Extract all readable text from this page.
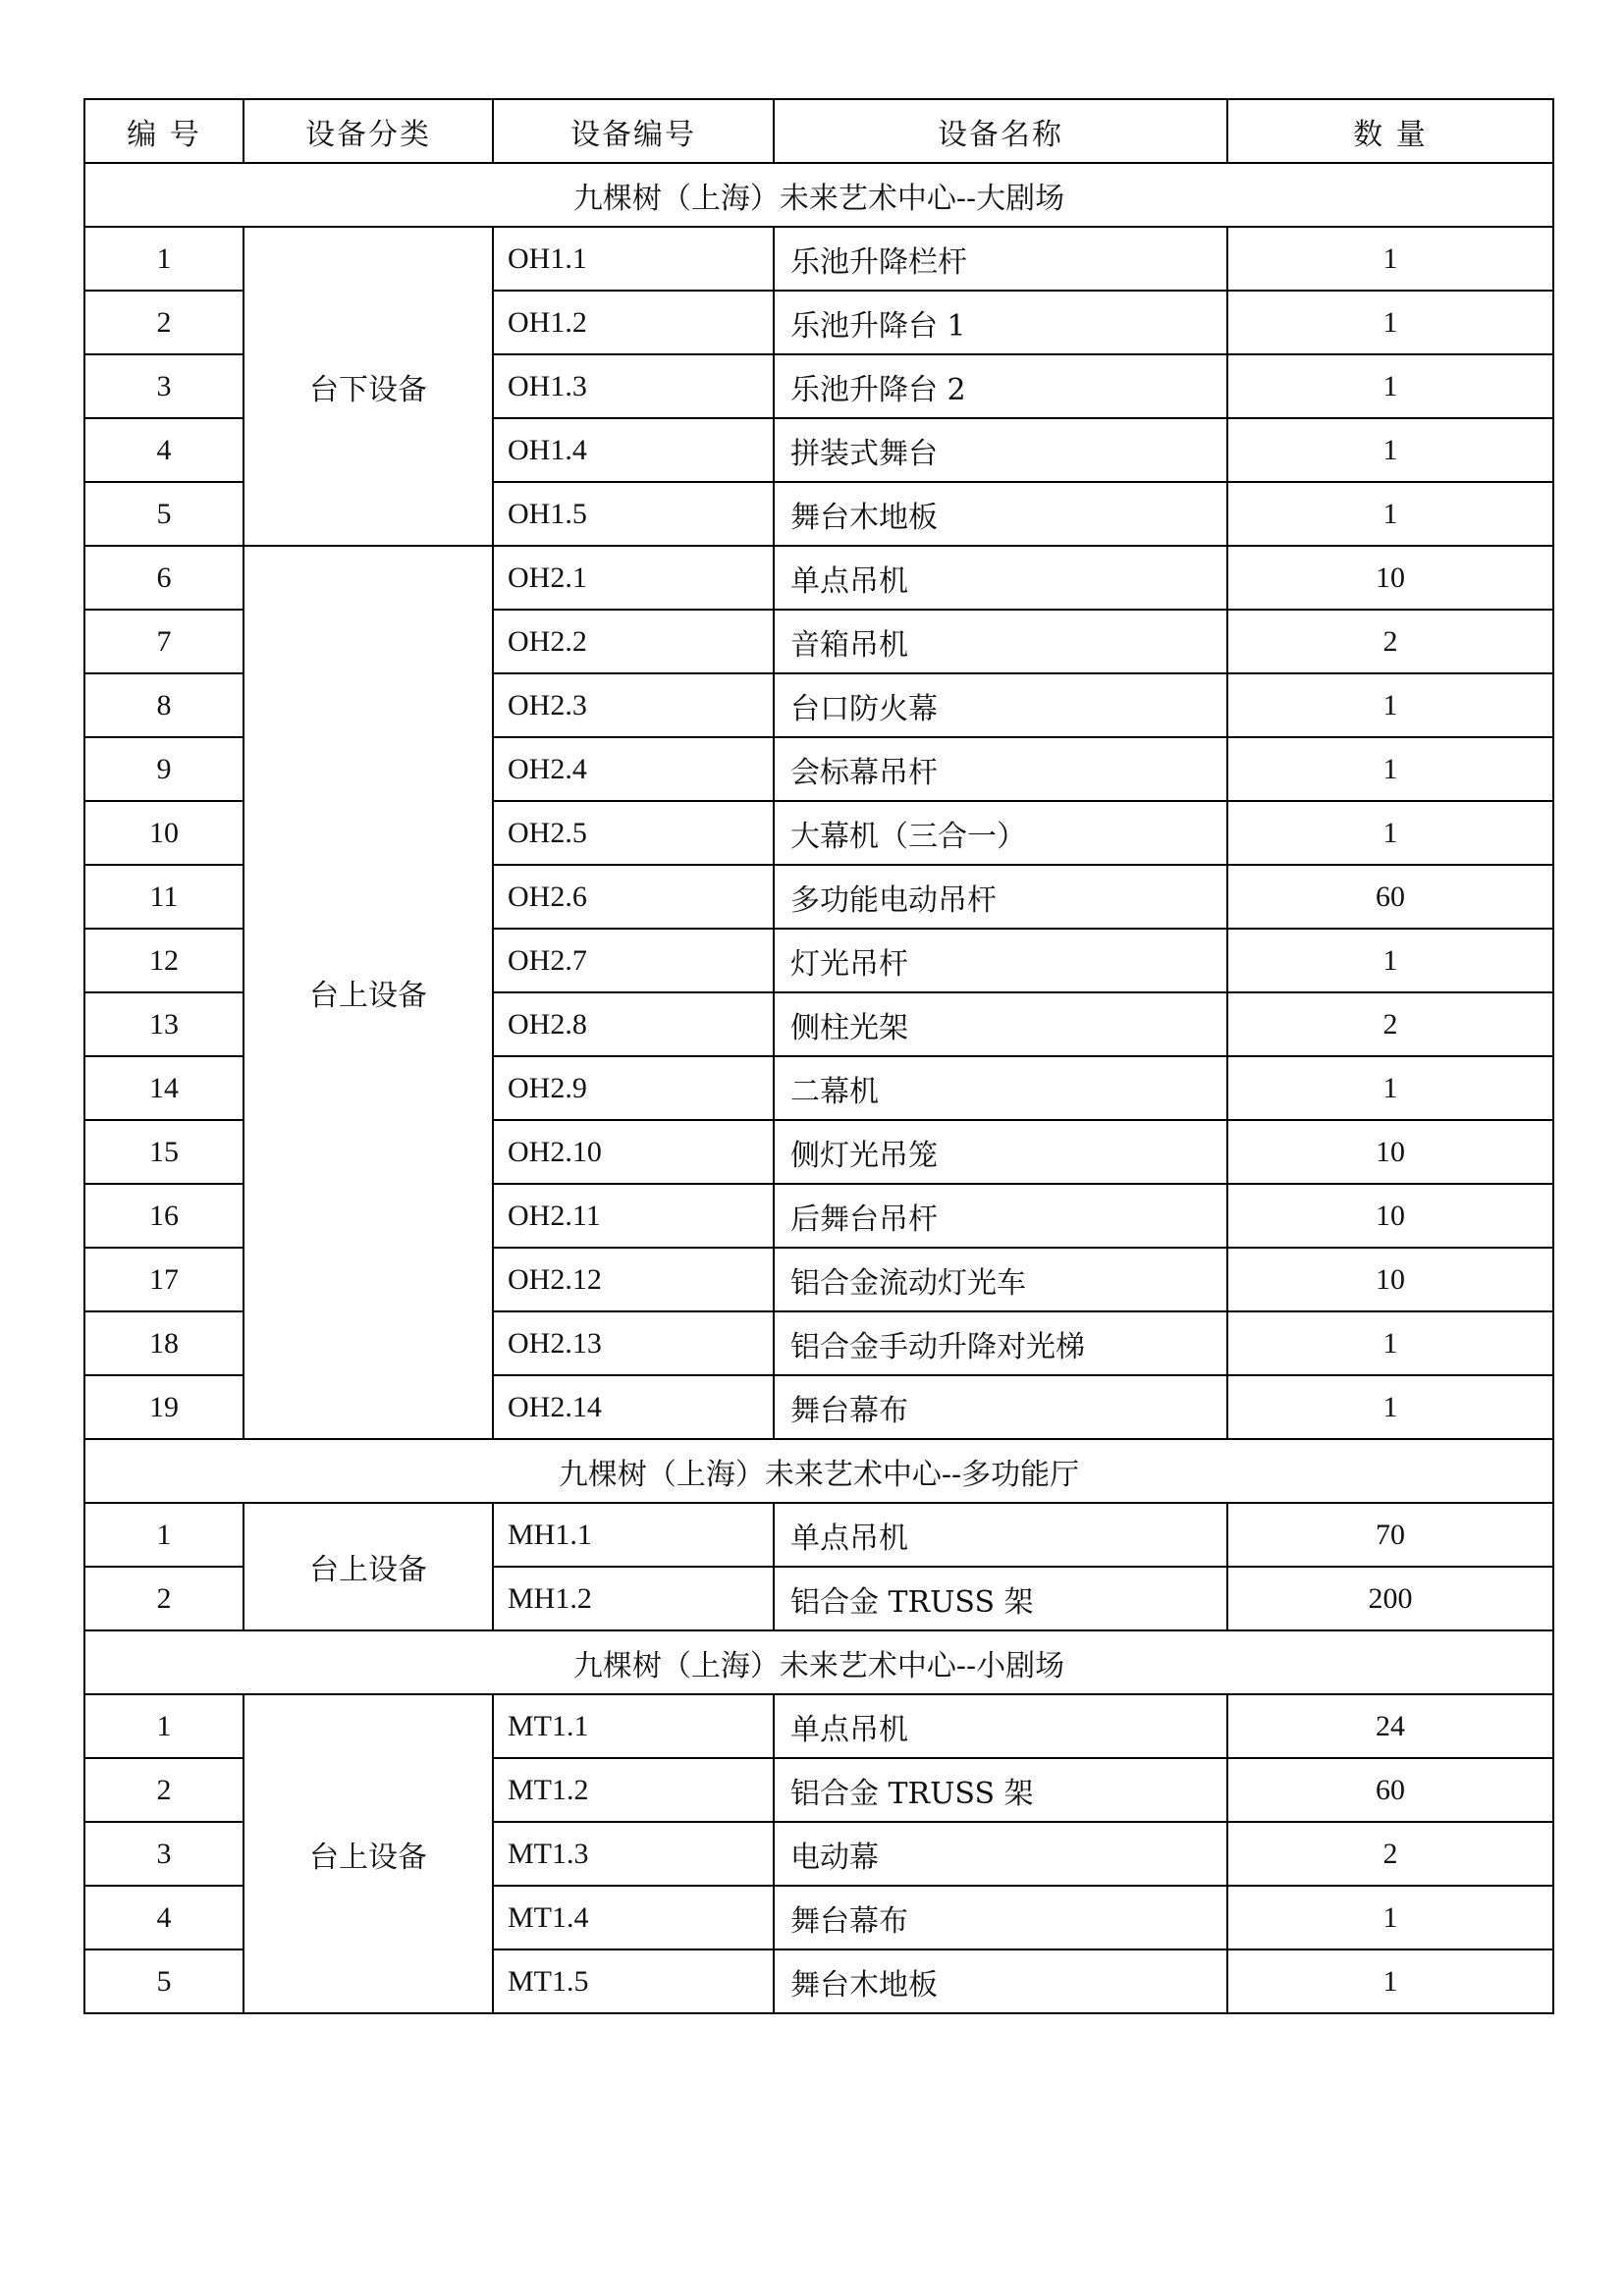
编 号	设备分类	设备编号	设备名称	数 量
九棵树（上海）未来艺术中心--大剧场				
1	台下设备	OH1.1	乐池升降栏杆	1
2		OH1.2	乐池升降台 1	1
3		OH1.3	乐池升降台 2	1
4		OH1.4	拼装式舞台	1
5		OH1.5	舞台木地板	1
6	台上设备	OH2.1	单点吊机	10
7		OH2.2	音箱吊机	2
8		OH2.3	台口防火幕	1
9		OH2.4	会标幕吊杆	1
10		OH2.5	大幕机（三合一）	1
11		OH2.6	多功能电动吊杆	60
12		OH2.7	灯光吊杆	1
13		OH2.8	侧柱光架	2
14		OH2.9	二幕机	1
15		OH2.10	侧灯光吊笼	10
16		OH2.11	后舞台吊杆	10
17		OH2.12	铝合金流动灯光车	10
18		OH2.13	铝合金手动升降对光梯	1
19		OH2.14	舞台幕布	1
九棵树（上海）未来艺术中心--多功能厅				
1	台上设备	MH1.1	单点吊机	70
2		MH1.2	铝合金 TRUSS 架	200
九棵树（上海）未来艺术中心--小剧场				
1	台上设备	MT1.1	单点吊机	24
2		MT1.2	铝合金 TRUSS 架	60
3		MT1.3	电动幕	2
4		MT1.4	舞台幕布	1
5		MT1.5	舞台木地板	1
